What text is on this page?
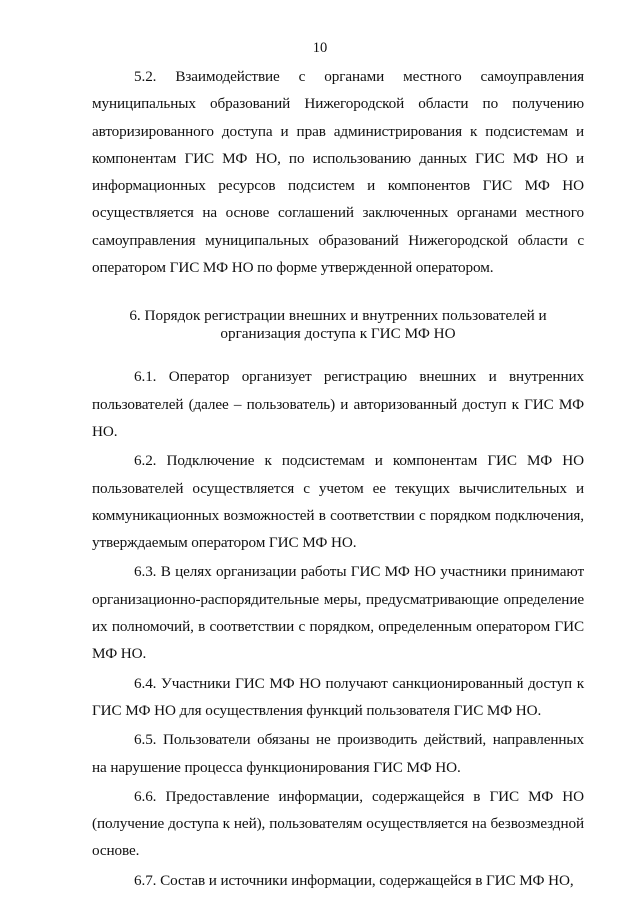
10

5.2. Взаимодействие с органами местного самоуправления муниципальных образований Нижегородской области по получению авторизированного доступа и прав администрирования к подсистемам и компонентам ГИС МФ НО, по использованию данных ГИС МФ НО и информационных ресурсов подсистем и компонентов ГИС МФ НО осуществляется на основе соглашений заключенных органами местного самоуправления муниципальных образований Нижегородской области с оператором ГИС МФ НО по форме утвержденной оператором.

6. Порядок регистрации внешних и внутренних пользователей и
организация доступа к ГИС МФ НО

6.1. Оператор организует регистрацию внешних и внутренних пользователей (далее – пользователь) и авторизованный доступ к ГИС МФ НО.

6.2. Подключение к подсистемам и компонентам ГИС МФ НО пользователей осуществляется с учетом ее текущих вычислительных и коммуникационных возможностей в соответствии с порядком подключения, утверждаемым оператором ГИС МФ НО.

6.3. В целях организации работы ГИС МФ НО участники принимают организационно-распорядительные меры, предусматривающие определение их полномочий, в соответствии с порядком, определенным оператором ГИС МФ НО.

6.4. Участники ГИС МФ НО получают санкционированный доступ к ГИС МФ НО для осуществления функций пользователя ГИС МФ НО.

6.5. Пользователи обязаны не производить действий, направленных на нарушение процесса функционирования ГИС МФ НО.

6.6. Предоставление информации, содержащейся в ГИС МФ НО (получение доступа к ней), пользователям осуществляется на безвозмездной основе.

6.7. Состав и источники информации, содержащейся в ГИС МФ НО,
